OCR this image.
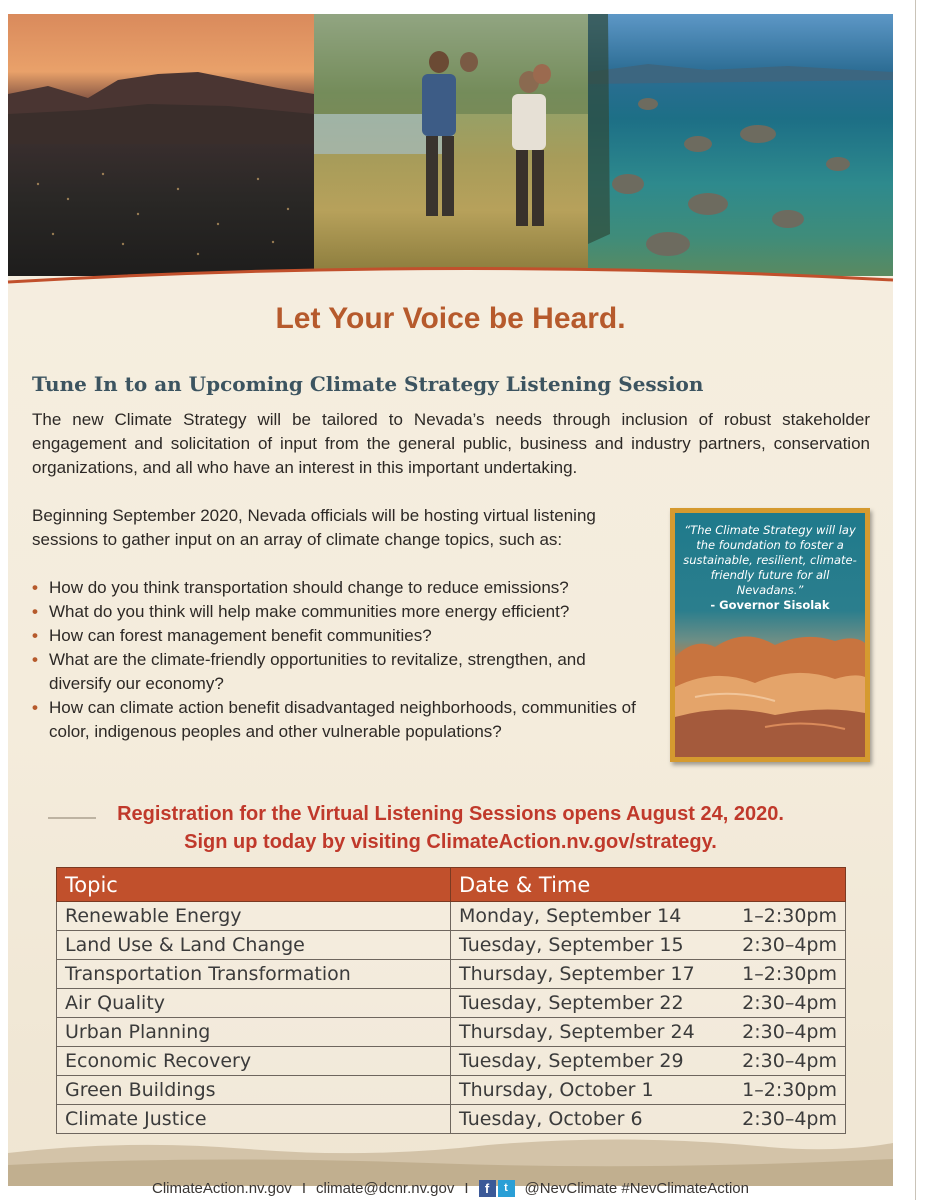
Let Your Voice be Heard.
Tune In to an Upcoming Climate Strategy Listening Session

The new Climate Strategy will be tailored to Nevada’s needs through inclusion of robust stakeholder engagement and solicitation of input from the general public, business and industry partners, conservation organizations, and all who have an interest in this important undertaking.

Beginning September 2020, Nevada officials will be hosting virtual listening sessions to gather input on an array of climate change topics, such as:

• How do you think transportation should change to reduce emissions?
• What do you think will help make communities more energy efficient?
• How can forest management benefit communities?
• What are the climate-friendly opportunities to revitalize, strengthen, and diversify our economy?
• How can climate action benefit disadvantaged neighborhoods, communities of color, indigenous peoples and other vulnerable populations?
“The Climate Strategy will lay the foundation to foster a sustainable, resilient, climate-friendly future for all Nevadans.”
- Governor Sisolak
Registration for the Virtual Listening Sessions opens August 24, 2020.
Sign up today by visiting ClimateAction.nv.gov/strategy.
Topic	Date & Time
Renewable Energy	Monday, September 14 1–2:30pm

Land Use & Land Change	Tuesday, September 15 2:30–4pm

Transportation Transformation	Thursday, September 17 1–2:30pm

Air Quality	Tuesday, September 22 2:30–4pm

Urban Planning	Thursday, September 24 2:30–4pm

Economic Recovery	Tuesday, September 29 2:30–4pm

Green Buildings	Thursday, October 1 1–2:30pm

Climate Justice	Tuesday, October 6 2:30–4pm
ClimateAction.nv.gov I climate@dcnr.nv.gov I	f	t	@NevClimate #NevClimateAction
